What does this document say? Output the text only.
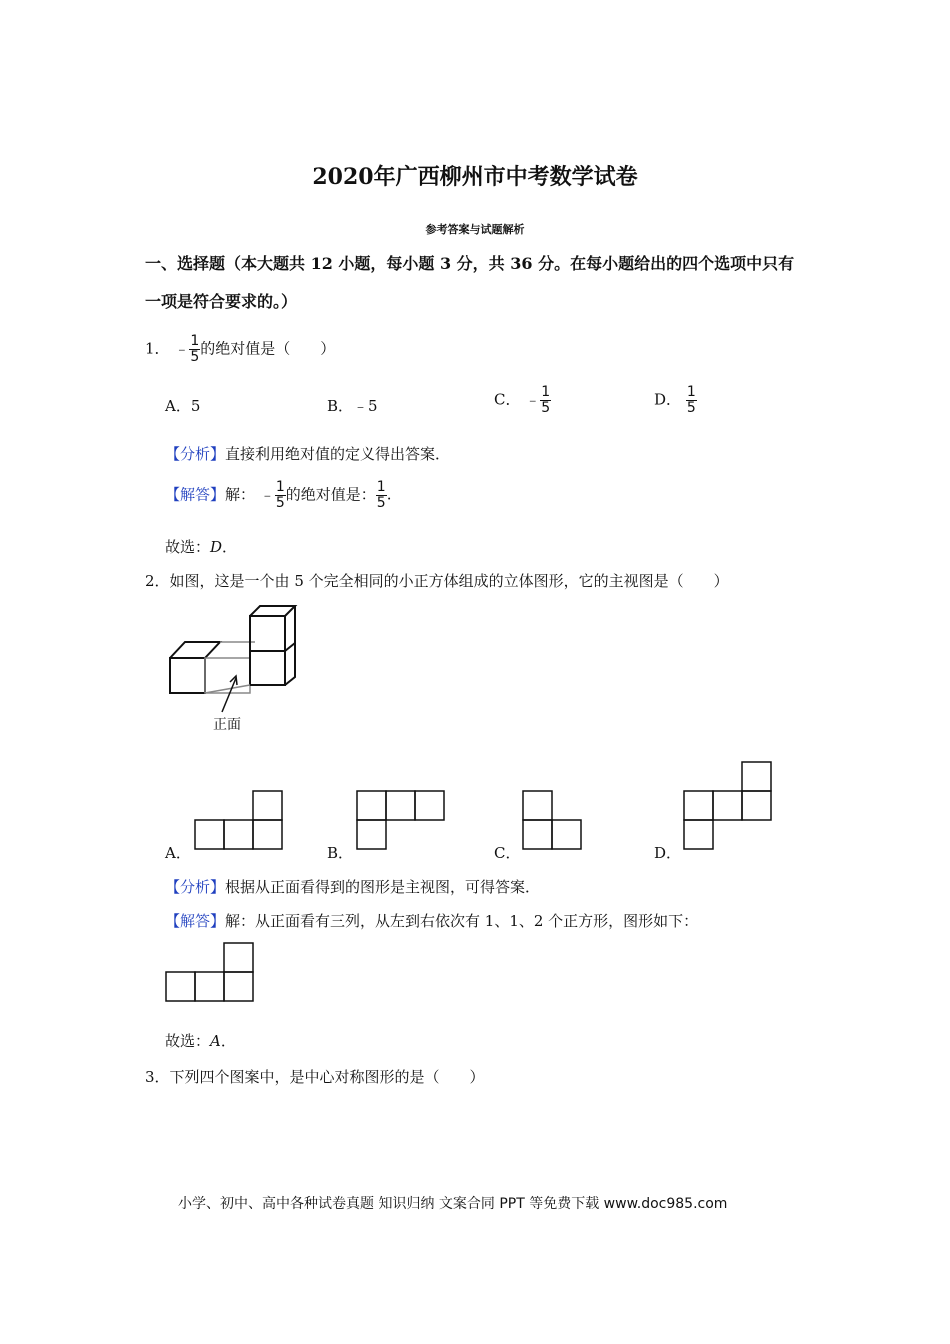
2020年广西柳州市中考数学试卷
参考答案与试题解析
一、选择题（本大题共 12 小题，每小题 3 分，共 36 分。在每小题给出的四个选项中只有
一项是符合要求的。）
1． ﹣ $\frac{1}{5}$ 的绝对值是（　　）
A．5	B．﹣5	C． ﹣ $\frac{1}{5}$	D． $\frac{1}{5}$
【分析】直接利用绝对值的定义得出答案．
【解答】解： ﹣ $\frac{1}{5}$ 的绝对值是： $\frac{1}{5}$ .
故选：D．
2．如图，这是一个由 5 个完全相同的小正方体组成的立体图形，它的主视图是（　　）
正面
A．	B．	C．	D．
【分析】根据从正面看得到的图形是主视图，可得答案．
【解答】解：从正面看有三列，从左到右依次有 1、1、2 个正方形，图形如下：
故选：A．
3．下列四个图案中，是中心对称图形的是（　　）
小学、初中、高中各种试卷真题 知识归纳 文案合同 PPT 等免费下载 www.doc985.com
